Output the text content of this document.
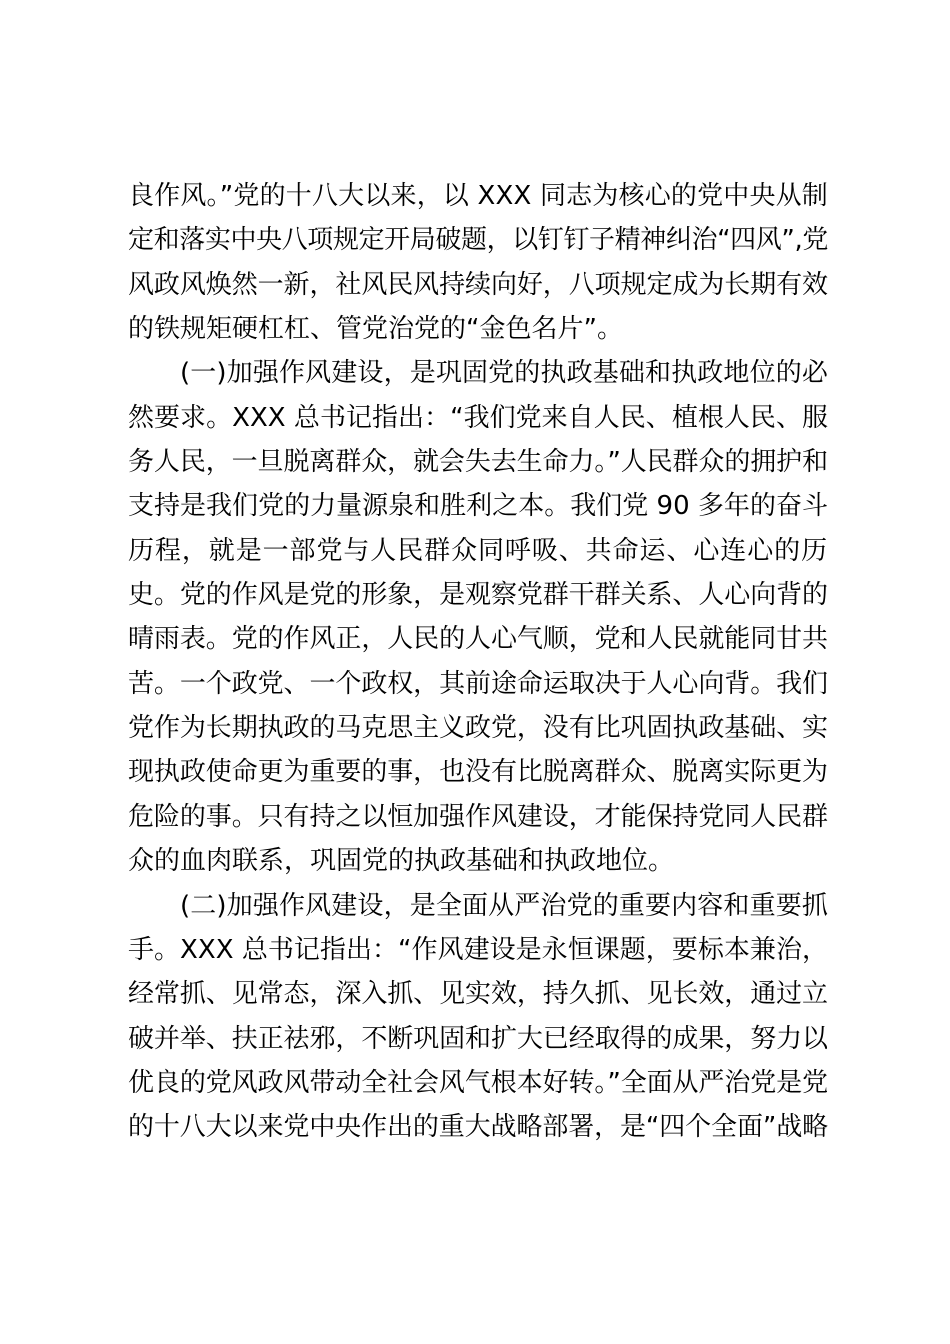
良作风。”党的十八大以来，以 XXX 同志为核心的党中央从制
定和落实中央八项规定开局破题，以钉钉子精神纠治“四风”,党
风政风焕然一新，社风民风持续向好，八项规定成为长期有效
的铁规矩硬杠杠、管党治党的“金色名片”。
(一)加强作风建设，是巩固党的执政基础和执政地位的必
然要求。XXX 总书记指出：“我们党来自人民、植根人民、服
务人民，一旦脱离群众，就会失去生命力。”人民群众的拥护和
支持是我们党的力量源泉和胜利之本。我们党 90 多年的奋斗
历程，就是一部党与人民群众同呼吸、共命运、心连心的历
史。党的作风是党的形象，是观察党群干群关系、人心向背的
晴雨表。党的作风正，人民的人心气顺，党和人民就能同甘共
苦。一个政党、一个政权，其前途命运取决于人心向背。我们
党作为长期执政的马克思主义政党，没有比巩固执政基础、实
现执政使命更为重要的事，也没有比脱离群众、脱离实际更为
危险的事。只有持之以恒加强作风建设，才能保持党同人民群
众的血肉联系，巩固党的执政基础和执政地位。
(二)加强作风建设，是全面从严治党的重要内容和重要抓
手。XXX 总书记指出：“作风建设是永恒课题，要标本兼治，
经常抓、见常态，深入抓、见实效，持久抓、见长效，通过立
破并举、扶正祛邪，不断巩固和扩大已经取得的成果，努力以
优良的党风政风带动全社会风气根本好转。”全面从严治党是党
的十八大以来党中央作出的重大战略部署，是“四个全面”战略
